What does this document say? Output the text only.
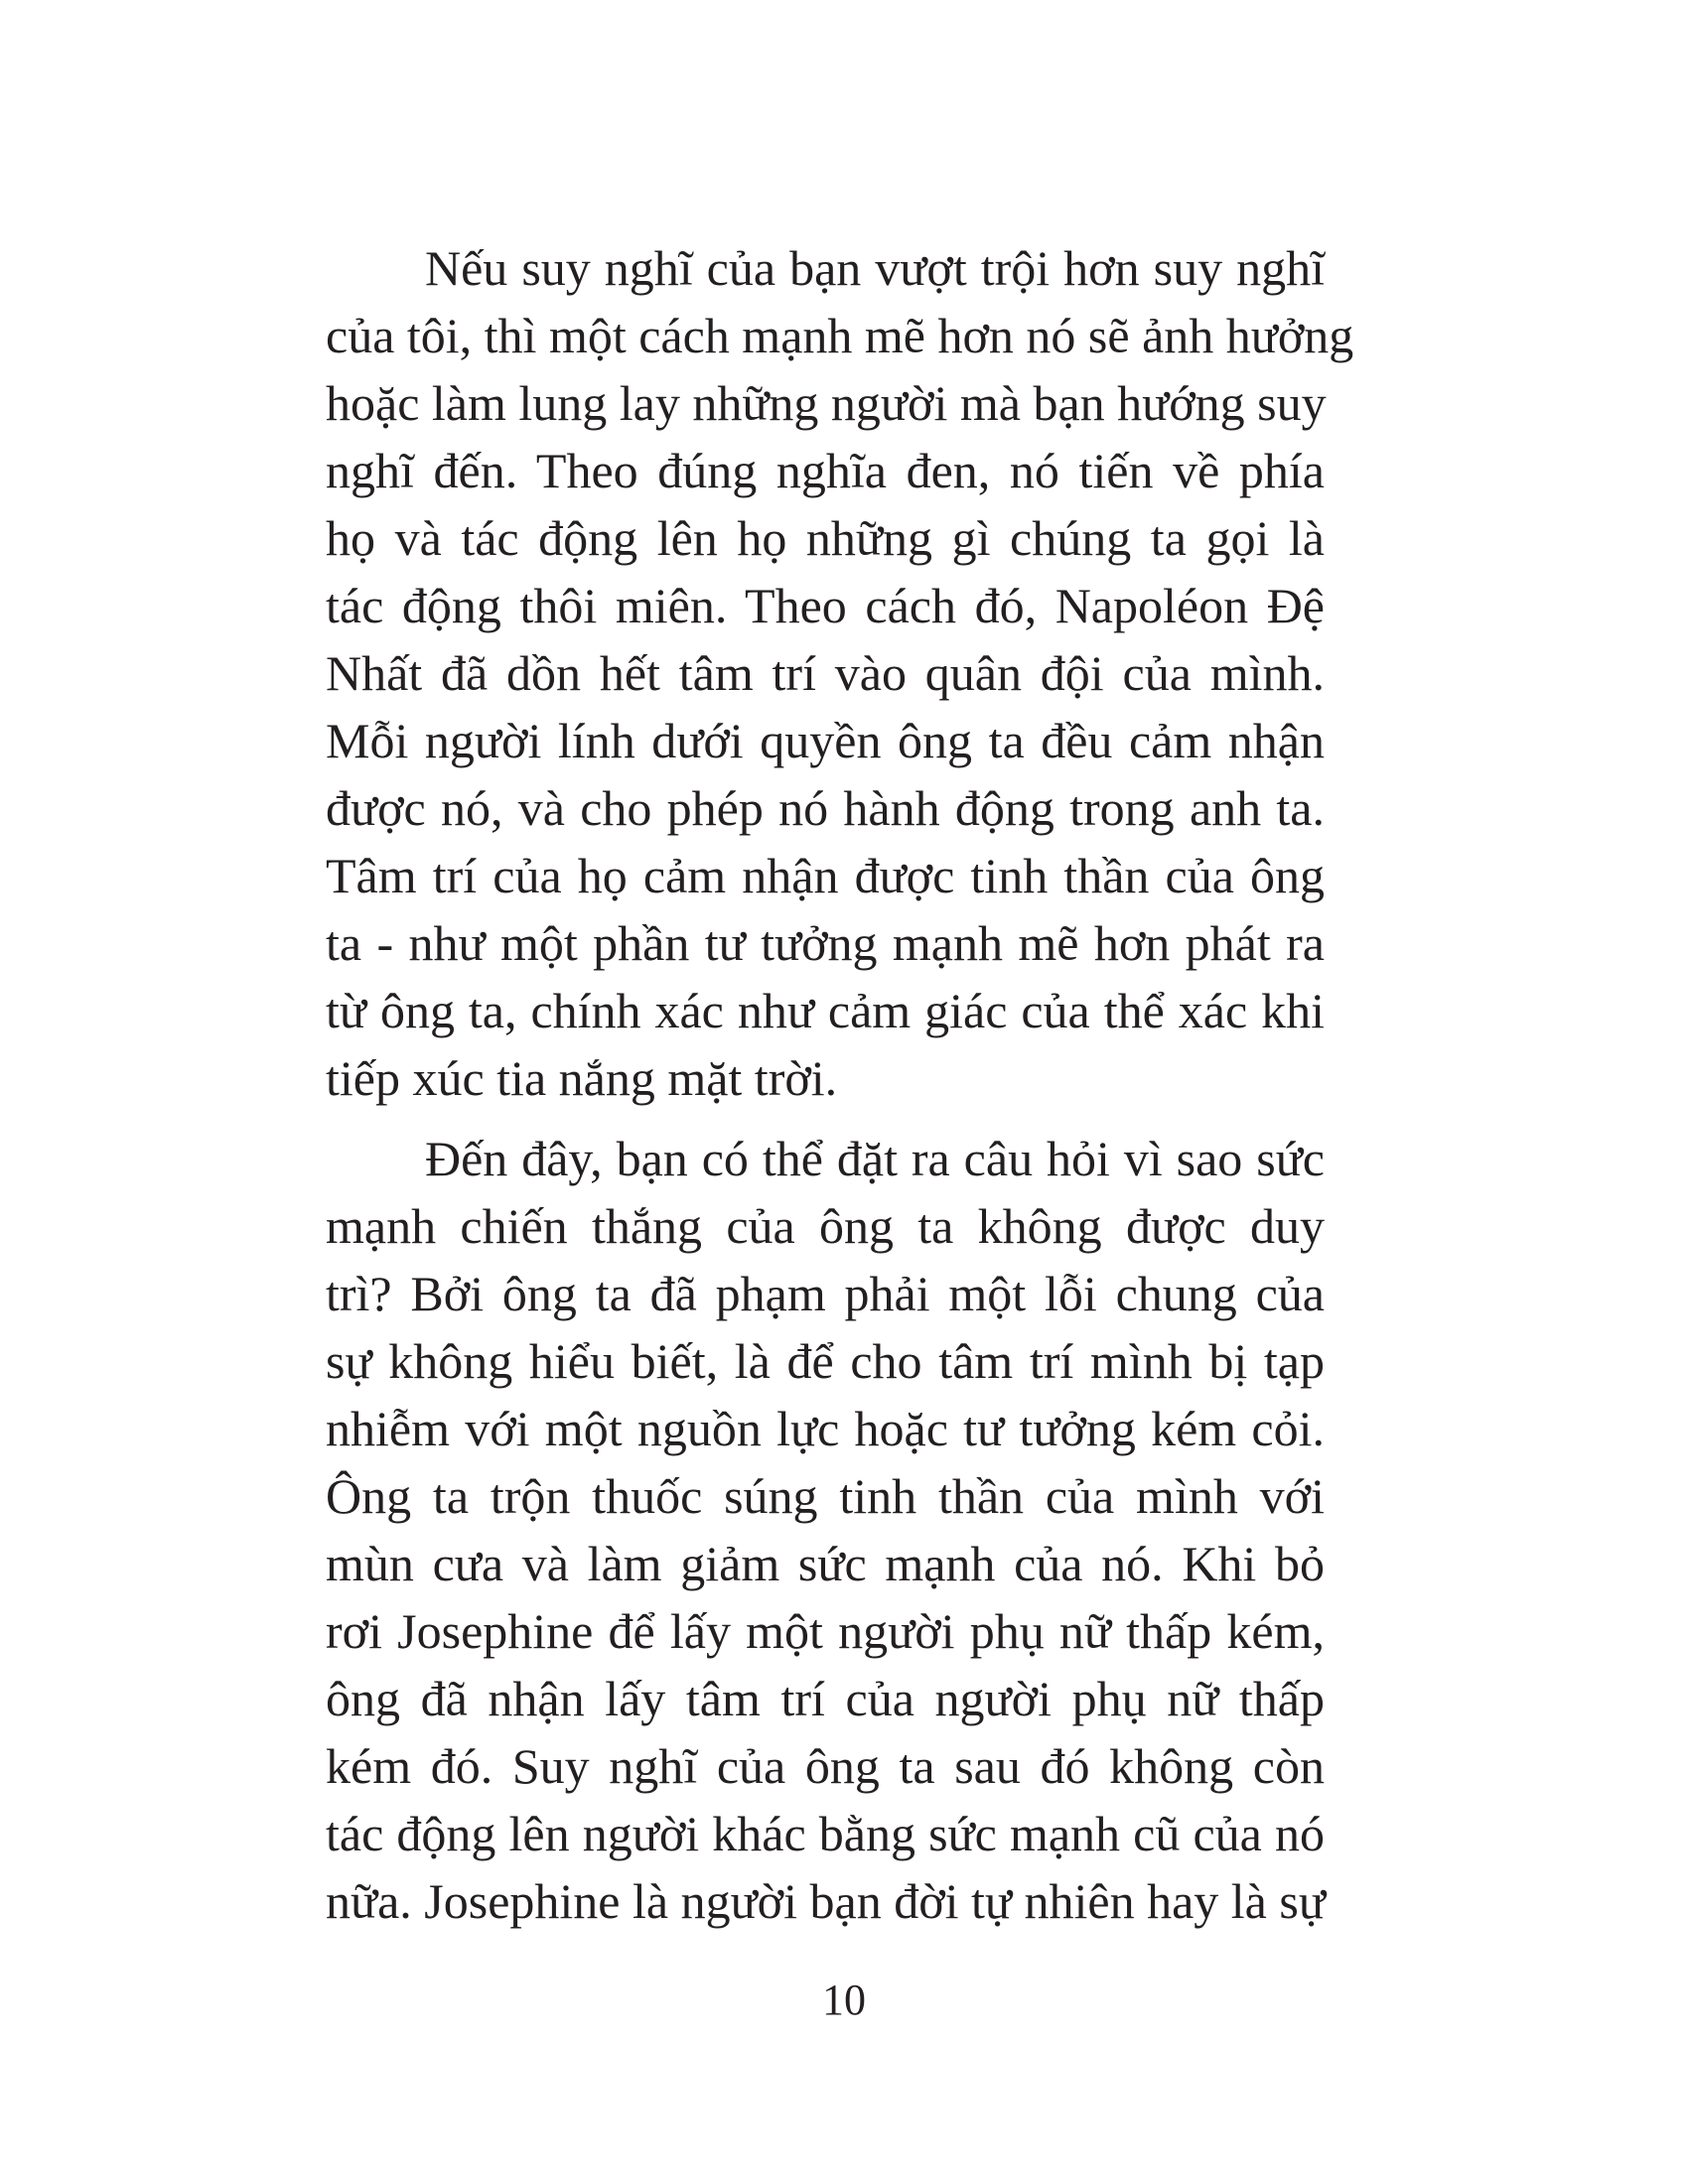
Nếu suy nghĩ của bạn vượt trội hơn suy nghĩ
của tôi, thì một cách mạnh mẽ hơn nó sẽ ảnh hưởng
hoặc làm lung lay những người mà bạn hướng suy
nghĩ đến. Theo đúng nghĩa đen, nó tiến về phía
họ và tác động lên họ những gì chúng ta gọi là
tác động thôi miên. Theo cách đó, Napoléon Đệ
Nhất đã dồn hết tâm trí vào quân đội của mình.
Mỗi người lính dưới quyền ông ta đều cảm nhận
được nó, và cho phép nó hành động trong anh ta.
Tâm trí của họ cảm nhận được tinh thần của ông
ta - như một phần tư tưởng mạnh mẽ hơn phát ra
từ ông ta, chính xác như cảm giác của thể xác khi
tiếp xúc tia nắng mặt trời.
Đến đây, bạn có thể đặt ra câu hỏi vì sao sức
mạnh chiến thắng của ông ta không được duy
trì? Bởi ông ta đã phạm phải một lỗi chung của
sự không hiểu biết, là để cho tâm trí mình bị tạp
nhiễm với một nguồn lực hoặc tư tưởng kém cỏi.
Ông ta trộn thuốc súng tinh thần của mình với
mùn cưa và làm giảm sức mạnh của nó. Khi bỏ
rơi Josephine để lấy một người phụ nữ thấp kém,
ông đã nhận lấy tâm trí của người phụ nữ thấp
kém đó. Suy nghĩ của ông ta sau đó không còn
tác động lên người khác bằng sức mạnh cũ của nó
nữa. Josephine là người bạn đời tự nhiên hay là sự
10
